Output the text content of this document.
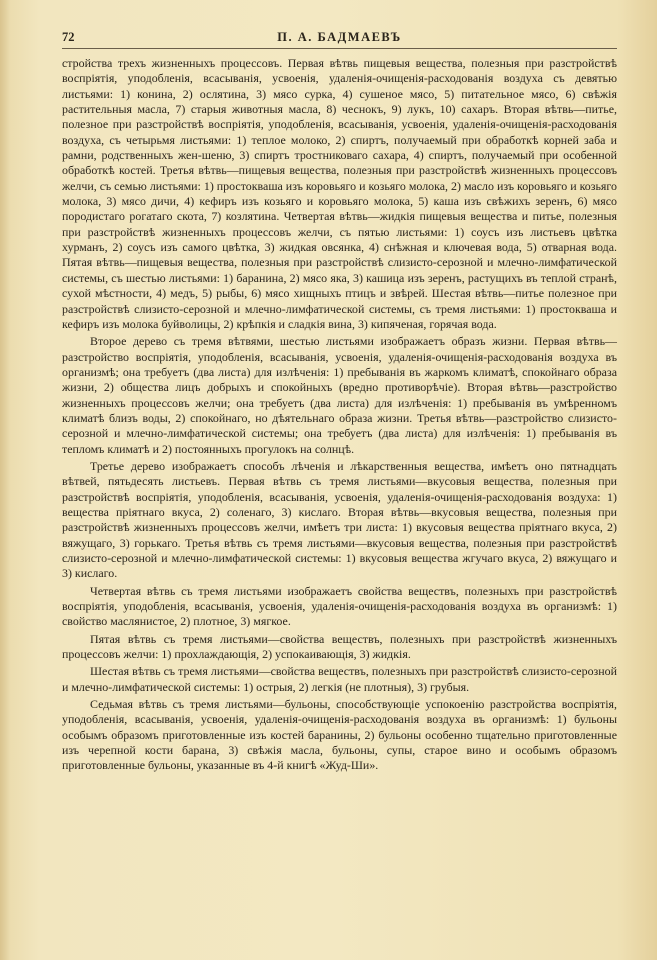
72	П. А. БАДМАЕВЪ

стройства трехъ жизненныхъ процессовъ. Первая вѣтвь пищевыя вещества, полезныя при разстройствѣ воспріятія, уподобленія, всасыванія, усвоенія, удаленія-очищенія-расходованія воздуха съ девятью листьями: 1) конина, 2) ослятина, 3) мясо сурка, 4) сушеное мясо, 5) питательное мясо, 6) свѣжія растительныя масла, 7) старыя животныя масла, 8) чеснокъ, 9) лукъ, 10) сахаръ. Вторая вѣтвь—питье, полезное при разстройствѣ воспріятія, уподобленія, всасыванія, усвоенія, удаленія-очищенія-расходованія воздуха, съ четырьмя листьями: 1) теплое молоко, 2) спиртъ, получаемый при обработкѣ корней заба и рамни, родственныхъ жен-шеню, 3) спиртъ тростниковаго сахара, 4) спиртъ, получаемый при особенной обработкѣ костей. Третья вѣтвь—пищевыя вещества, полезныя при разстройствѣ жизненныхъ процессовъ желчи, съ семью листьями: 1) простокваша изъ коровьяго и козьяго молока, 2) масло изъ коровьяго и козьяго молока, 3) мясо дичи, 4) кефиръ изъ козьяго и коровьяго молока, 5) каша изъ свѣжихъ зеренъ, 6) мясо породистаго рогатаго скота, 7) козлятина. Четвертая вѣтвь—жидкія пищевыя вещества и питье, полезныя при разстройствѣ жизненныхъ процессовъ желчи, съ пятью листьями: 1) соусъ изъ листьевъ цвѣтка хурманъ, 2) соусъ изъ самого цвѣтка, 3) жидкая овсянка, 4) снѣжная и ключевая вода, 5) отварная вода. Пятая вѣтвь—пищевыя вещества, полезныя при разстройствѣ слизисто-серозной и млечно-лимфатической системы, съ шестью листьями: 1) баранина, 2) мясо яка, 3) кашица изъ зеренъ, растущихъ въ теплой странѣ, сухой мѣстности, 4) медъ, 5) рыбы, 6) мясо хищныхъ птицъ и звѣрей. Шестая вѣтвь—питье полезное при разстройствѣ слизисто-серозной и млечно-лимфатической системы, съ тремя листьями: 1) простокваша и кефиръ изъ молока буйволицы, 2) крѣпкія и сладкія вина, 3) кипяченая, горячая вода.

Второе дерево съ тремя вѣтвями, шестью листьями изображаетъ образъ жизни. Первая вѣтвь—разстройство воспріятія, уподобленія, всасыванія, усвоенія, удаленія-очищенія-расходованія воздуха въ организмѣ; она требуетъ (два листа) для излѣченія: 1) пребыванія въ жаркомъ климатѣ, спокойнаго образа жизни, 2) общества лицъ добрыхъ и спокойныхъ (вредно противорѣчіе). Вторая вѣтвь—разстройство жизненныхъ процессовъ желчи; она требуетъ (два листа) для излѣченія: 1) пребыванія въ умѣренномъ климатѣ близъ воды, 2) спокойнаго, но дѣятельнаго образа жизни. Третья вѣтвь—разстройство слизисто-серозной и млечно-лимфатической системы; она требуетъ (два листа) для излѣченія: 1) пребыванія въ тепломъ климатѣ и 2) постоянныхъ прогулокъ на солнцѣ.

Третье дерево изображаетъ способъ лѣченія и лѣкарственныя вещества, имѣетъ оно пятнадцать вѣтвей, пятьдесять листьевъ. Первая вѣтвь съ тремя листьями—вкусовыя вещества, полезныя при разстройствѣ воспріятія, уподобленія, всасыванія, усвоенія, удаленія-очищенія-расходованія воздуха: 1) вещества пріятнаго вкуса, 2) соленаго, 3) кислаго. Вторая вѣтвь—вкусовыя вещества, полезныя при разстройствѣ жизненныхъ процессовъ желчи, имѣетъ три листа: 1) вкусовыя вещества пріятнаго вкуса, 2) вяжущаго, 3) горькаго. Третья вѣтвь съ тремя листьями—вкусовыя вещества, полезныя при разстройствѣ слизисто-серозной и млечно-лимфатической системы: 1) вкусовыя вещества жгучаго вкуса, 2) вяжущаго и 3) кислаго.

Четвертая вѣтвь съ тремя листьями изображаетъ свойства веществъ, полезныхъ при разстройствѣ воспріятія, уподобленія, всасыванія, усвоенія, удаленія-очищенія-расходованія воздуха въ организмѣ: 1) свойство маслянистое, 2) плотное, 3) мягкое.

Пятая вѣтвь съ тремя листьями—свойства веществъ, полезныхъ при разстройствѣ жизненныхъ процессовъ желчи: 1) прохлаждающія, 2) успокаивающія, 3) жидкія.

Шестая вѣтвь съ тремя листьями—свойства веществъ, полезныхъ при разстройствѣ слизисто-серозной и млечно-лимфатической системы: 1) острыя, 2) легкія (не плотныя), 3) грубыя.

Седьмая вѣтвь съ тремя листьями—бульоны, способствующіе успокоенію разстройства воспріятія, уподобленія, всасыванія, усвоенія, удаленія-очищенія-расходованія воздуха въ организмѣ: 1) бульоны особымъ образомъ приготовленные изъ костей баранины, 2) бульоны особенно тщательно приготовленные изъ черепной кости барана, 3) свѣжія масла, бульоны, супы, старое вино и особымъ образомъ приготовленные бульоны, указанные въ 4-й книгѣ «Жуд-Ши».
